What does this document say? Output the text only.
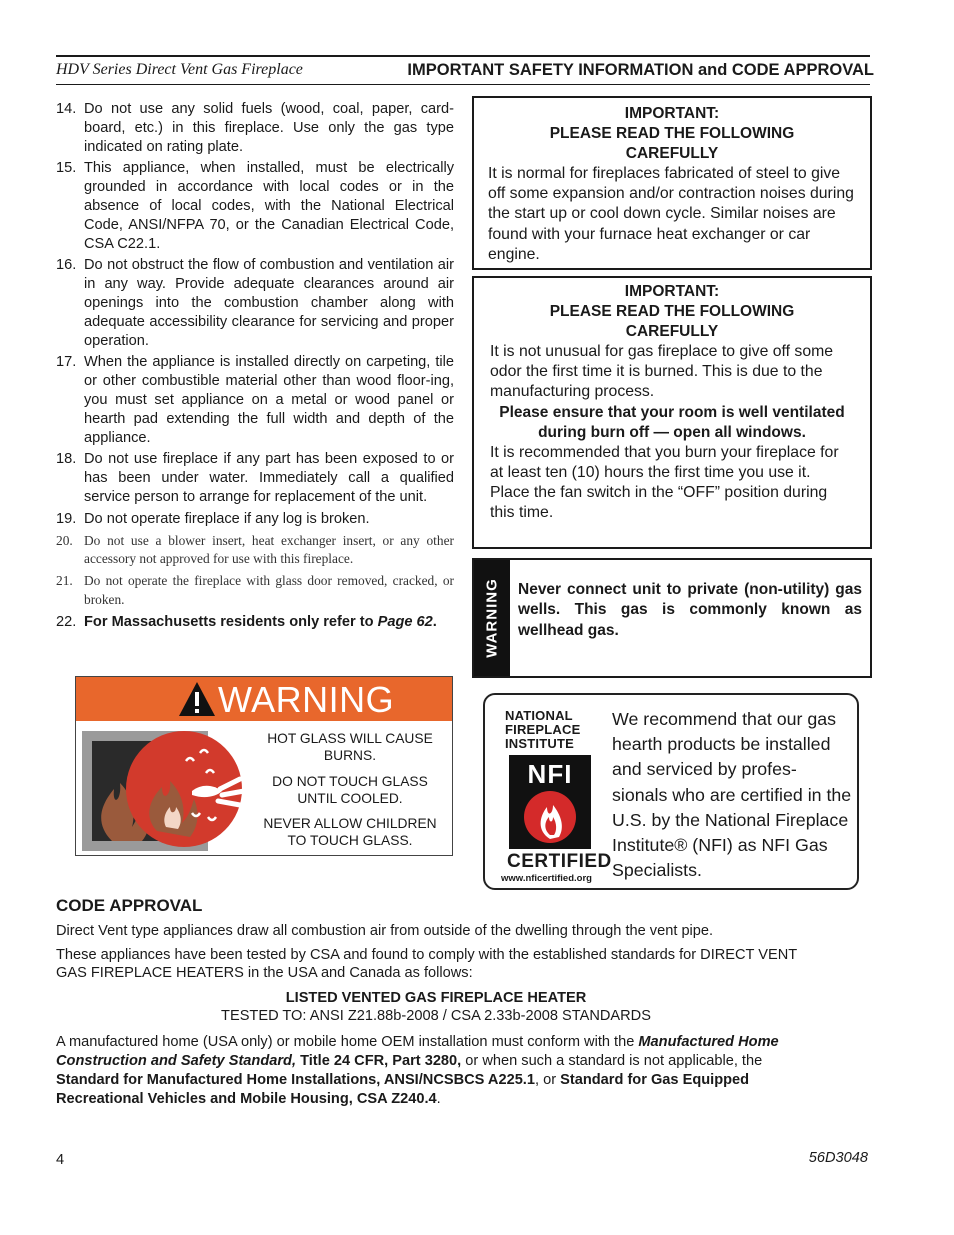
HDV Series Direct Vent Gas Fireplace	IMPORTANT SAFETY INFORMATION and CODE APPROVAL
14. Do not use any solid fuels (wood, coal, paper, card-board, etc.) in this fireplace. Use only the gas type indicated on rating plate.
15. This appliance, when installed, must be electrically grounded in accordance with local codes or in the absence of local codes, with the National Electrical Code, ANSI/NFPA 70, or the Canadian Electrical Code, CSA C22.1.
16. Do not obstruct the flow of combustion and ventilation air in any way. Provide adequate clearances around air openings into the combustion chamber along with adequate accessibility clearance for servicing and proper operation.
17. When the appliance is installed directly on carpeting, tile or other combustible material other than wood floor-ing, you must set appliance on a metal or wood panel or hearth pad extending the full width and depth of the appliance.
18. Do not use fireplace if any part has been exposed to or has been under water. Immediately call a qualified service person to arrange for replacement of the unit.
19. Do not operate fireplace if any log is broken.
20. Do not use a blower insert, heat exchanger insert, or any other accessory not approved for use with this fireplace.
21. Do not operate the fireplace with glass door removed, cracked, or broken.
22. For Massachusetts residents only refer to Page 62.
IMPORTANT:
PLEASE READ THE FOLLOWING
CAREFULLY
It is normal for fireplaces fabricated of steel to give off some expansion and/or contraction noises during the start up or cool down cycle. Similar noises are found with your furnace heat exchanger or car engine.
IMPORTANT:
PLEASE READ THE FOLLOWING
CAREFULLY
It is not unusual for gas fireplace to give off some odor the first time it is burned. This is due to the manufacturing process.
Please ensure that your room is well ventilated during burn off — open all windows.
It is recommended that you burn your fireplace for at least ten (10) hours the first time you use it. Place the fan switch in the “OFF” position during this time.
WARNING Never connect unit to private (non-utility) gas wells. This gas is commonly known as wellhead gas.
WARNING
HOT GLASS WILL CAUSE BURNS.
DO NOT TOUCH GLASS UNTIL COOLED.
NEVER ALLOW CHILDREN TO TOUCH GLASS.
NATIONAL
FIREPLACE
INSTITUTE
NFI
CERTIFIED
www.nficertified.org
We recommend that our gas hearth products be installed and serviced by profes-sionals who are certified in the U.S. by the National Fireplace Institute® (NFI) as NFI Gas Specialists.
CODE APPROVAL
Direct Vent type appliances draw all combustion air from outside of the dwelling through the vent pipe.
These appliances have been tested by CSA and found to comply with the established standards for DIRECT VENT GAS FIREPLACE HEATERS in the USA and Canada as follows:
LISTED VENTED GAS FIREPLACE HEATER
TESTED TO: ANSI Z21.88b-2008 / CSA 2.33b-2008 STANDARDS
A manufactured home (USA only) or mobile home OEM installation must conform with the Manufactured Home Construction and Safety Standard, Title 24 CFR, Part 3280, or when such a standard is not applicable, the Standard for Manufactured Home Installations, ANSI/NCSBCS A225.1, or Standard for Gas Equipped Recreational Vehicles and Mobile Housing, CSA Z240.4.
4	56D3048
